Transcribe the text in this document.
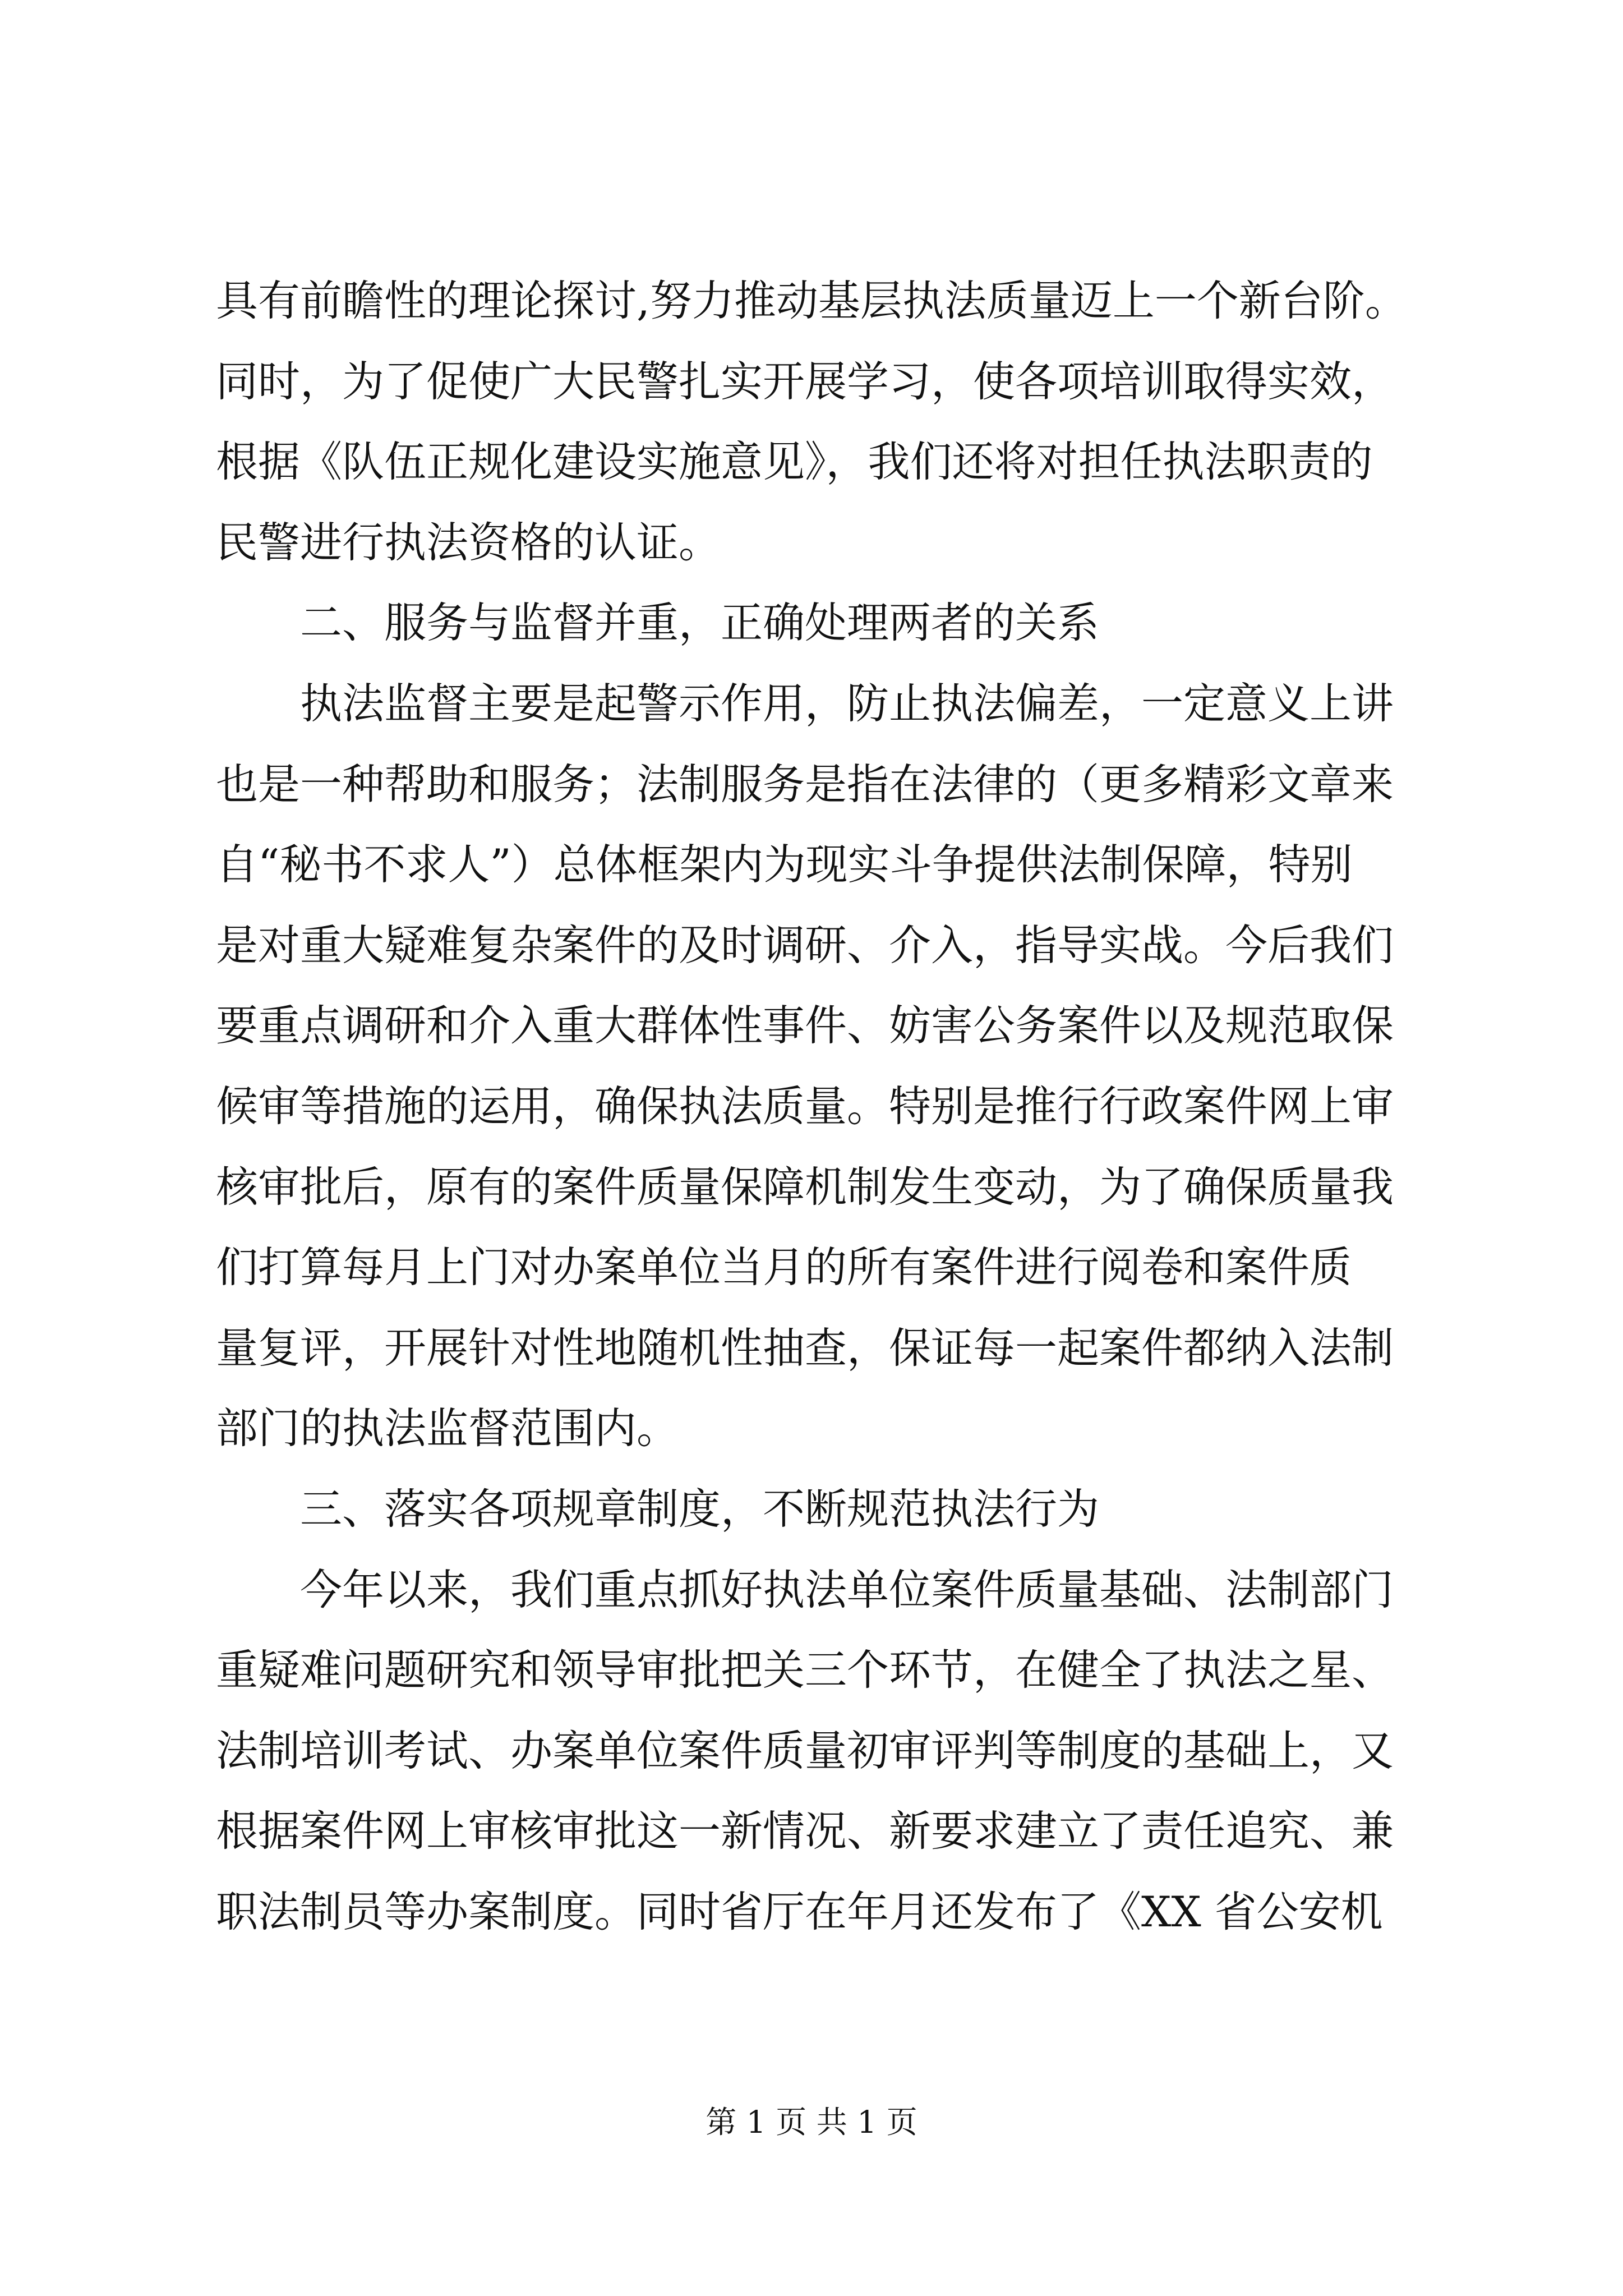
具有前瞻性的理论探讨,努力推动基层执法质量迈上一个新台阶。
同时，为了促使广大民警扎实开展学习，使各项培训取得实效，
根据《队伍正规化建设实施意见》，我们还将对担任执法职责的
民警进行执法资格的认证。
二、服务与监督并重，正确处理两者的关系
执法监督主要是起警示作用，防止执法偏差，一定意义上讲
也是一种帮助和服务；法制服务是指在法律的（更多精彩文章来
自“秘书不求人”）总体框架内为现实斗争提供法制保障，特别
是对重大疑难复杂案件的及时调研、介入，指导实战。今后我们
要重点调研和介入重大群体性事件、妨害公务案件以及规范取保
候审等措施的运用，确保执法质量。特别是推行行政案件网上审
核审批后，原有的案件质量保障机制发生变动，为了确保质量我
们打算每月上门对办案单位当月的所有案件进行阅卷和案件质
量复评，开展针对性地随机性抽查，保证每一起案件都纳入法制
部门的执法监督范围内。
三、落实各项规章制度，不断规范执法行为
今年以来，我们重点抓好执法单位案件质量基础、法制部门
重疑难问题研究和领导审批把关三个环节，在健全了执法之星、
法制培训考试、办案单位案件质量初审评判等制度的基础上，又
根据案件网上审核审批这一新情况、新要求建立了责任追究、兼
职法制员等办案制度。同时省厅在年月还发布了《XX 省公安机
第 1 页 共 1 页
